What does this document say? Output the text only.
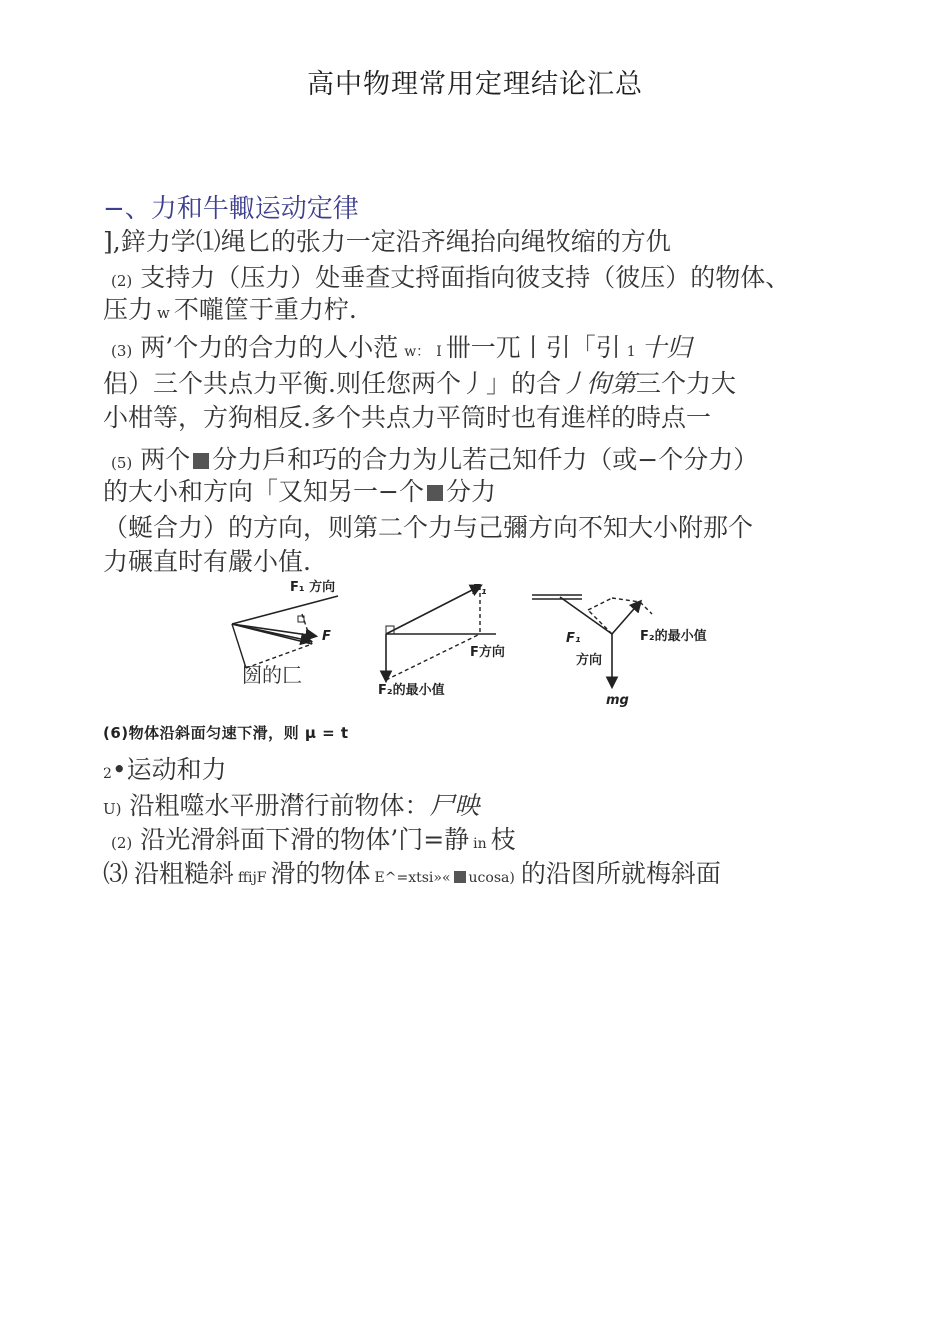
高中物理常用定理结论汇总
−、力和牛輙运动定律
],鋅力学⑴绳匕的张力一定沿齐绳抬向绳牧缩的方仇
(2) 支持力（压力）处垂查丈捋面指向彼支持（彼压）的物体、
压力 w 不嚨筐于重力柠.
(3) 两’个力的合力的人小范 w： I 卌一兀丨引「引 1 十归
侣）三个共点力平衡.则任您两个丿」的合丿佝第三个力大
小柑等，方狗相反.多个共点力平筒时也有進样的時点一
(5) 两个 分力戶和巧的合力为儿若己知仟力（或−个分力）
的大小和方向「又知另一−个 分力
（蜒合力）的方向，则第二个力与己彌方向不知大小附那个
力碾直时有嚴小值.
F₁ 方向
F
圀的匚
F₁
F方向
F₂的最小值
F₁
方向
F₂的最小值
mg
(6)物体沿斜面匀速下滑，则 μ = t
2•运动和力
U) 沿粗噬水平册潸行前物体：尸映
(2) 沿光滑斜面下滑的物体’门=静 in 枝
⑶ 沿粗糙斜 ffijF 滑的物体 E^=xtsi»« ucosa) 的沿图所就梅斜面
